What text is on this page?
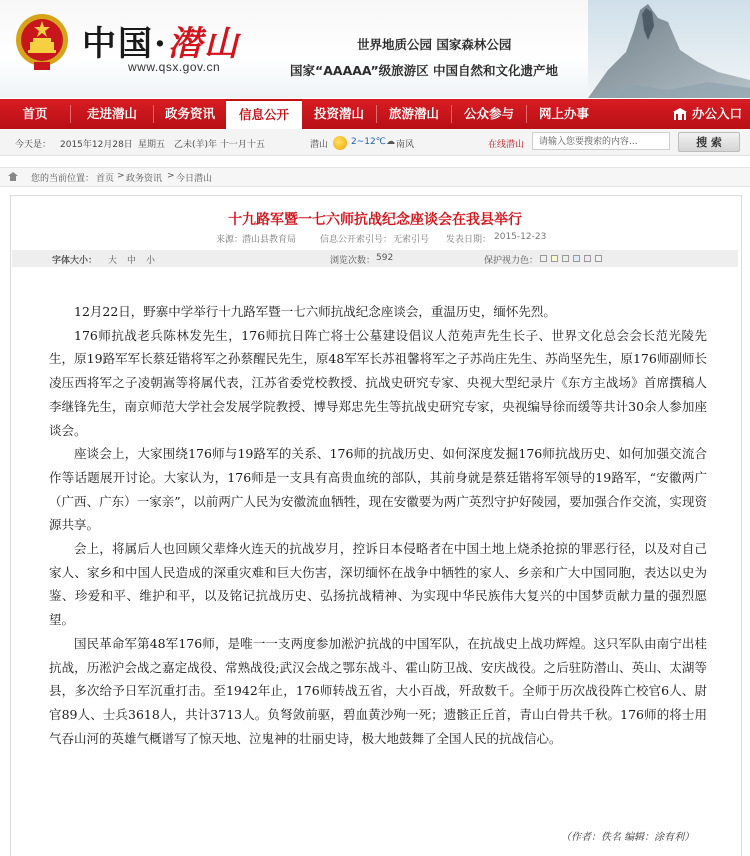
中国·潜山
www.qsx.gov.cn
世界地质公园 国家森林公园
国家“AAAAA”级旅游区 中国自然和文化遗产地
首页	走进潜山	政务资讯	信息公开	投资潜山	旅游潜山	公众参与	网上办事	办公入口
今天是： 2015年12月28日 星期五 乙未(羊)年 十一月十五	潜山	2~12℃ ☁ 南风	在线潜山	请输入您要搜索的内容...	搜 索
您的当前位置： 首页 > 政务资讯 > 今日潜山
十九路军暨一七六师抗战纪念座谈会在我县举行
来源：
潜山县教育局	信息公开索引号： 无索引号 发表日期： 2015-12-23
字体大小： 大 中 小	浏览次数： 592	保护视力色：

12月22日，野寨中学举行十九路军暨一七六师抗战纪念座谈会，重温历史，缅怀先烈。

176师抗战老兵陈林发先生，176师抗日阵亡将士公墓建设倡议人范苑声先生长子、世界文化总会会长范光陵先生，原19路军军长蔡廷锴将军之孙蔡醒民先生，原48军军长苏祖馨将军之子苏尚庄先生、苏尚坚先生，原176师副师长凌压西将军之子凌朝嵩等将属代表，江苏省委党校教授、抗战史研究专家、央视大型纪录片《东方主战场》首席撰稿人李继锋先生，南京师范大学社会发展学院教授、博导郑忠先生等抗战史研究专家，央视编导徐而缓等共计30余人参加座谈会。

座谈会上，大家围绕176师与19路军的关系、176师的抗战历史、如何深度发掘176师抗战历史、如何加强交流合作等话题展开讨论。大家认为，176师是一支具有高贵血统的部队，其前身就是蔡廷锴将军领导的19路军，“安徽两广（广西、广东）一家亲”，以前两广人民为安徽流血牺牲，现在安徽要为两广英烈守护好陵园，要加强合作交流，实现资源共享。

会上，将属后人也回顾父辈烽火连天的抗战岁月，控诉日本侵略者在中国土地上烧杀抢掠的罪恶行径，以及对自己家人、家乡和中国人民造成的深重灾难和巨大伤害，深切缅怀在战争中牺牲的家人、乡亲和广大中国同胞，表达以史为鉴、珍爱和平、维护和平，以及铭记抗战历史、弘扬抗战精神、为实现中华民族伟大复兴的中国梦贡献力量的强烈愿望。

国民革命军第48军176师，是唯一一支两度参加淞沪抗战的中国军队，在抗战史上战功辉煌。这只军队由南宁出桂抗战，历淞沪会战之嘉定战役、常熟战役;武汉会战之鄂东战斗、霍山防卫战、安庆战役。之后驻防潜山、英山、太湖等县，多次给予日军沉重打击。至1942年止，176师转战五省，大小百战，歼敌数千。全师于历次战役阵亡校官6人、尉官89人、士兵3618人，共计3713人。负弩敛前驱，碧血黄沙殉一死；遗骸正丘首，青山白骨共千秋。176师的将士用气吞山河的英雄气概谱写了惊天地、泣鬼神的壮丽史诗，极大地鼓舞了全国人民的抗战信心。

（作者：佚名 编辑：涂有利）
